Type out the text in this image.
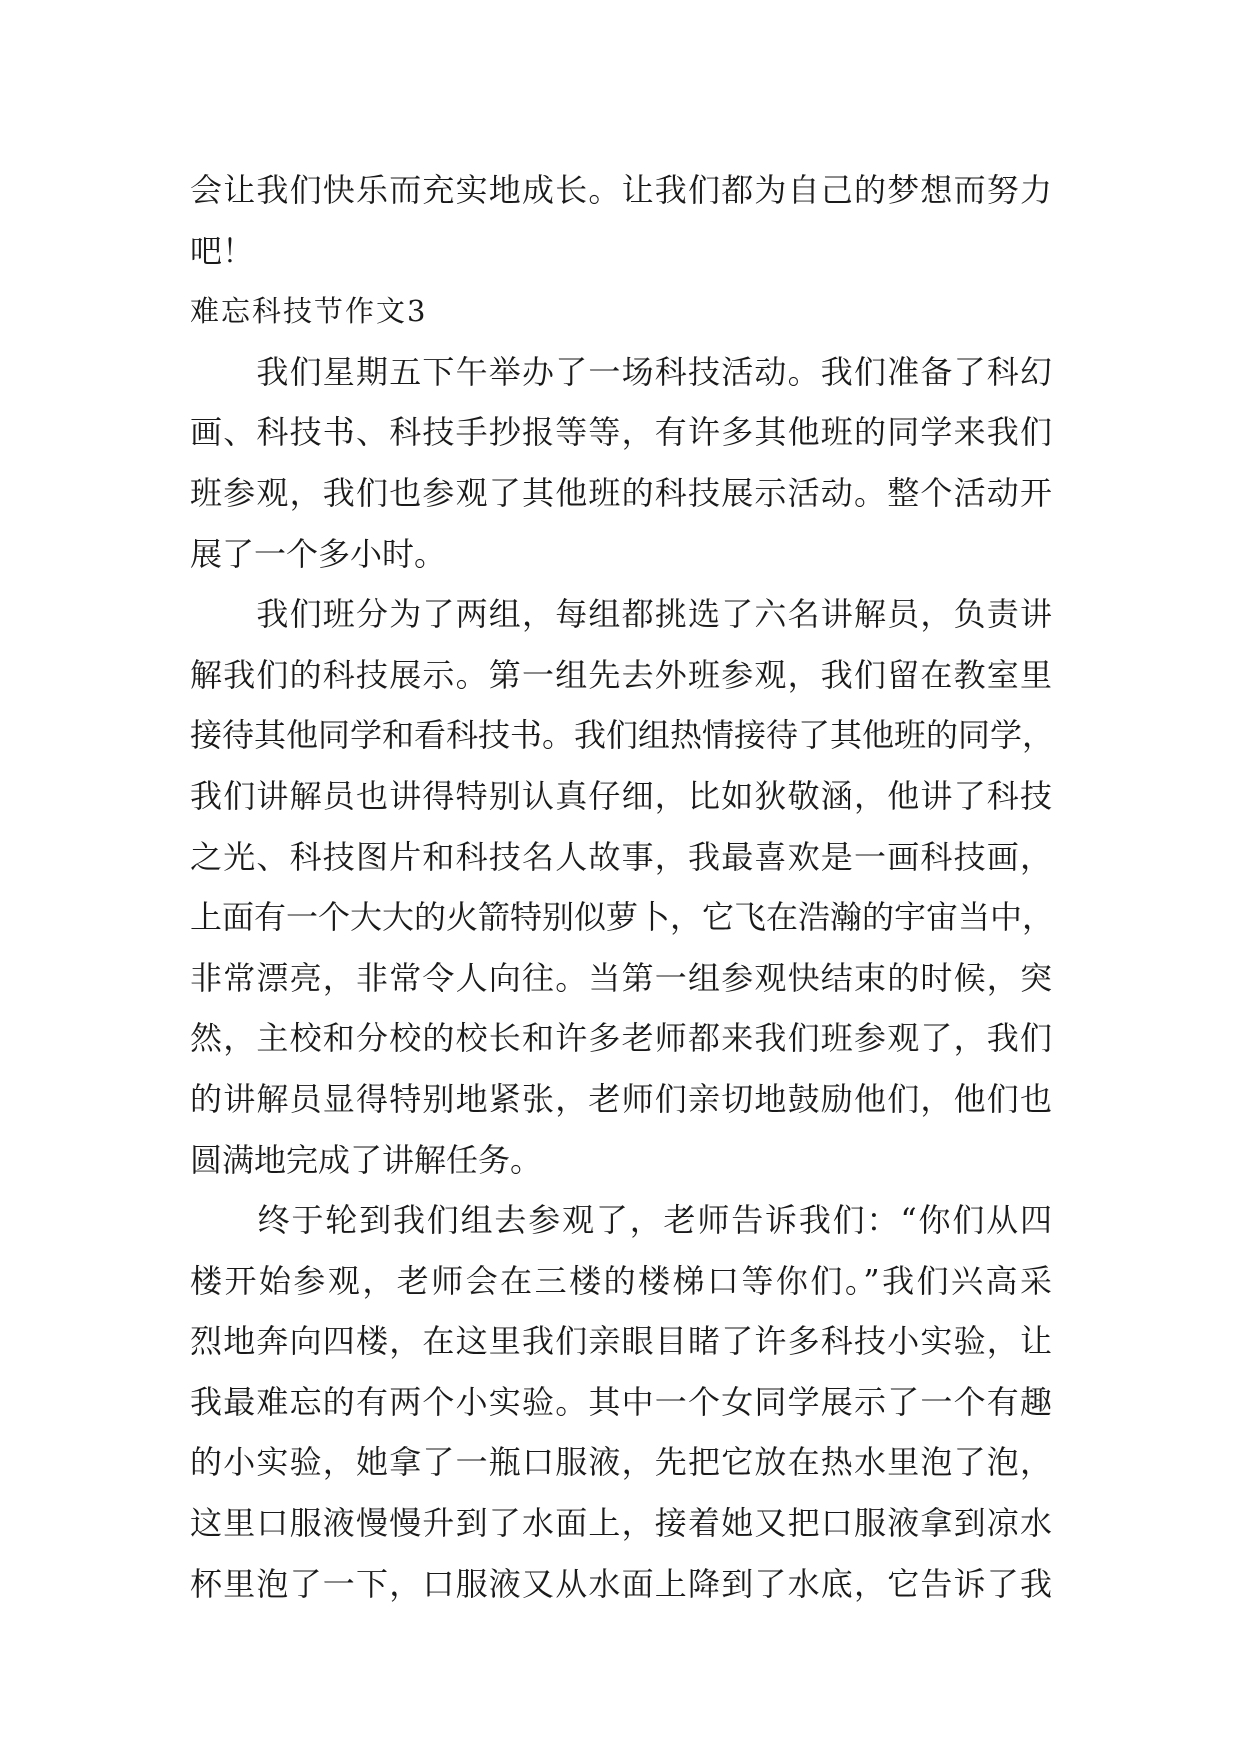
会让我们快乐而充实地成长。让我们都为自己的梦想而努力
吧！
难忘科技节作文3
　　我们星期五下午举办了一场科技活动。我们准备了科幻
画、科技书、科技手抄报等等，有许多其他班的同学来我们
班参观，我们也参观了其他班的科技展示活动。整个活动开
展了一个多小时。
　　我们班分为了两组，每组都挑选了六名讲解员，负责讲
解我们的科技展示。第一组先去外班参观，我们留在教室里
接待其他同学和看科技书。我们组热情接待了其他班的同学，
我们讲解员也讲得特别认真仔细，比如狄敬涵，他讲了科技
之光、科技图片和科技名人故事，我最喜欢是一画科技画，
上面有一个大大的火箭特别似萝卜，它飞在浩瀚的宇宙当中，
非常漂亮，非常令人向往。当第一组参观快结束的时候，突
然，主校和分校的校长和许多老师都来我们班参观了，我们
的讲解员显得特别地紧张，老师们亲切地鼓励他们，他们也
圆满地完成了讲解任务。
　　终于轮到我们组去参观了，老师告诉我们：“你们从四
楼开始参观，老师会在三楼的楼梯口等你们。”我们兴高采
烈地奔向四楼，在这里我们亲眼目睹了许多科技小实验，让
我最难忘的有两个小实验。其中一个女同学展示了一个有趣
的小实验，她拿了一瓶口服液，先把它放在热水里泡了泡，
这里口服液慢慢升到了水面上，接着她又把口服液拿到凉水
杯里泡了一下，口服液又从水面上降到了水底，它告诉了我
